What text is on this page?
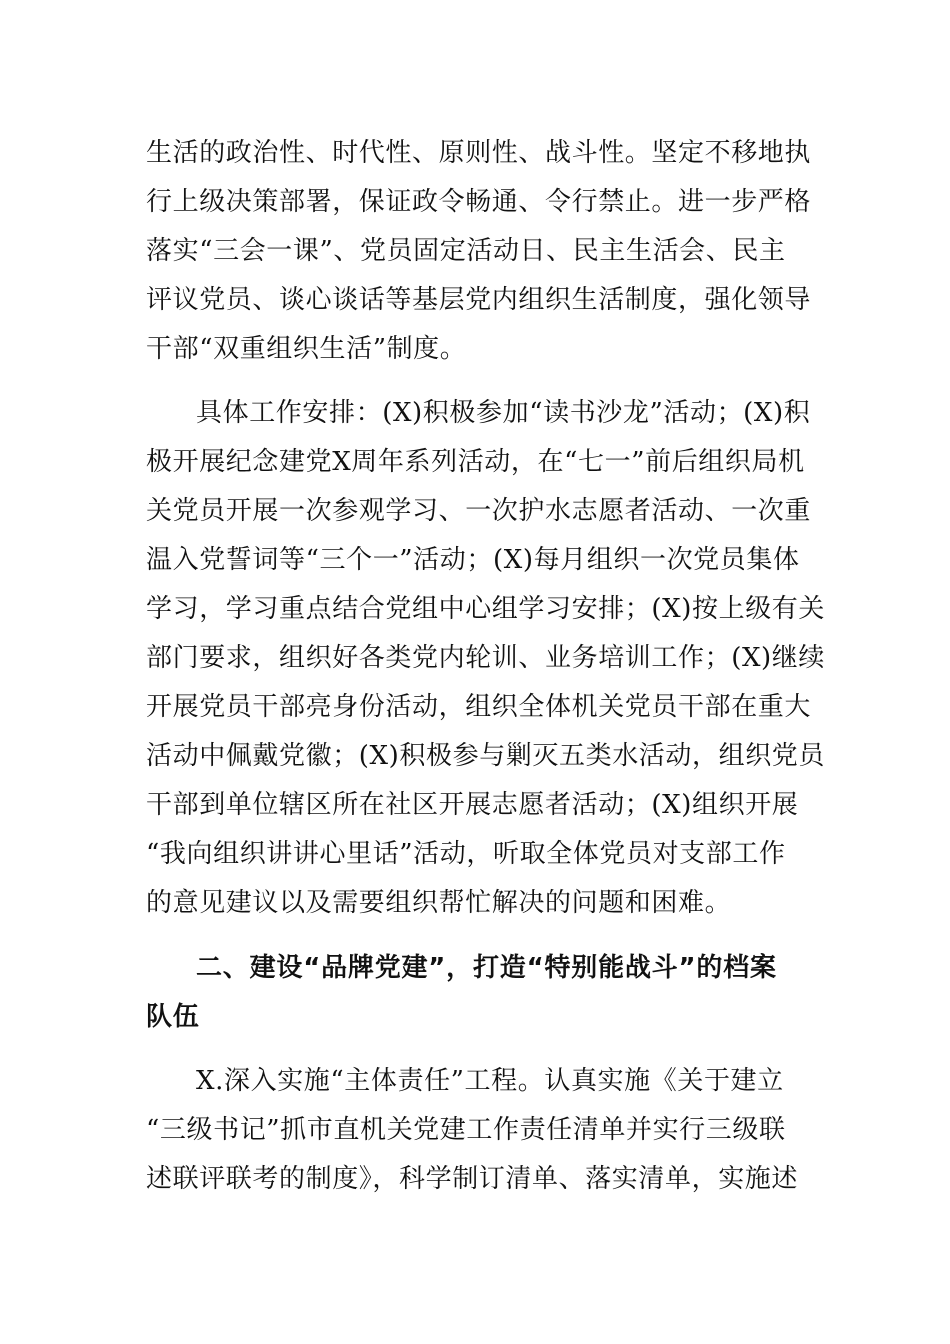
生活的政治性、时代性、原则性、战斗性。坚定不移地执

行上级决策部署，保证政令畅通、令行禁止。进一步严格

落实“三会一课”、党员固定活动日、民主生活会、民主

评议党员、谈心谈话等基层党内组织生活制度，强化领导

干部“双重组织生活”制度。

具体工作安排：(X)积极参加“读书沙龙”活动；(X)积

极开展纪念建党X周年系列活动，在“七一”前后组织局机

关党员开展一次参观学习、一次护水志愿者活动、一次重

温入党誓词等“三个一”活动；(X)每月组织一次党员集体

学习，学习重点结合党组中心组学习安排；(X)按上级有关

部门要求，组织好各类党内轮训、业务培训工作；(X)继续

开展党员干部亮身份活动，组织全体机关党员干部在重大

活动中佩戴党徽；(X)积极参与剿灭五类水活动，组织党员

干部到单位辖区所在社区开展志愿者活动；(X)组织开展

“我向组织讲讲心里话”活动，听取全体党员对支部工作

的意见建议以及需要组织帮忙解决的问题和困难。

二、建设“品牌党建”，打造“特别能战斗”的档案

队伍

X.深入实施“主体责任”工程。认真实施《关于建立

“三级书记”抓市直机关党建工作责任清单并实行三级联

述联评联考的制度》，科学制订清单、落实清单，实施述
